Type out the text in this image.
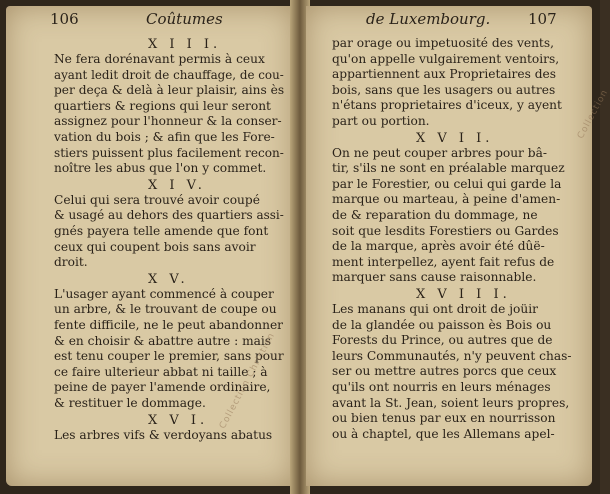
106	Coûtumes
X I I I.
Ne fera dorénavant permis à ceux
ayant ledit droit de chauffage, de cou-
per deça & delà à leur plaisir, ains ès
quartiers & regions qui leur seront
assignez pour l'honneur & la conser-
vation du bois ; & afin que les Fore-
stiers puissent plus facilement recon-
noître les abus que l'on y commet.
X I V.
Celui qui sera trouvé avoir coupé
& usagé au dehors des quartiers assi-
gnés payera telle amende que font
ceux qui coupent bois sans avoir
droit.
X V.
L'usager ayant commencé à couper
un arbre, & le trouvant de coupe ou
fente difficile, ne le peut abandonner
& en choisir & abattre autre : mais
est tenu couper le premier, sans pour
ce faire ulterieur abbat ni taille ; à
peine de payer l'amende ordinaire,
& restituer le dommage.
X V I.
Les arbres vifs & verdoyans abatus
Collection Christian
de Luxembourg.	107
par orage ou impetuosité des vents,
qu'on appelle vulgairement ventoirs,
appartiennent aux Proprietaires des
bois, sans que les usagers ou autres
n'étans proprietaires d'iceux, y ayent
part ou portion.
X V I I.
On ne peut couper arbres pour bâ-
tir, s'ils ne sont en préalable marquez
par le Forestier, ou celui qui garde la
marque ou marteau, à peine d'amen-
de & reparation du dommage, ne
soit que lesdits Forestiers ou Gardes
de la marque, après avoir été dûë-
ment interpellez, ayent fait refus de
marquer sans cause raisonnable.
X V I I I.
Les manans qui ont droit de joüir
de la glandée ou paisson ès Bois ou
Forests du Prince, ou autres que de
leurs Communautés, n'y peuvent chas-
ser ou mettre autres porcs que ceux
qu'ils ont nourris en leurs ménages
avant la St. Jean, soient leurs propres,
ou bien tenus par eux en nourrisson
ou à chaptel, que les Allemans apel-
Collection
